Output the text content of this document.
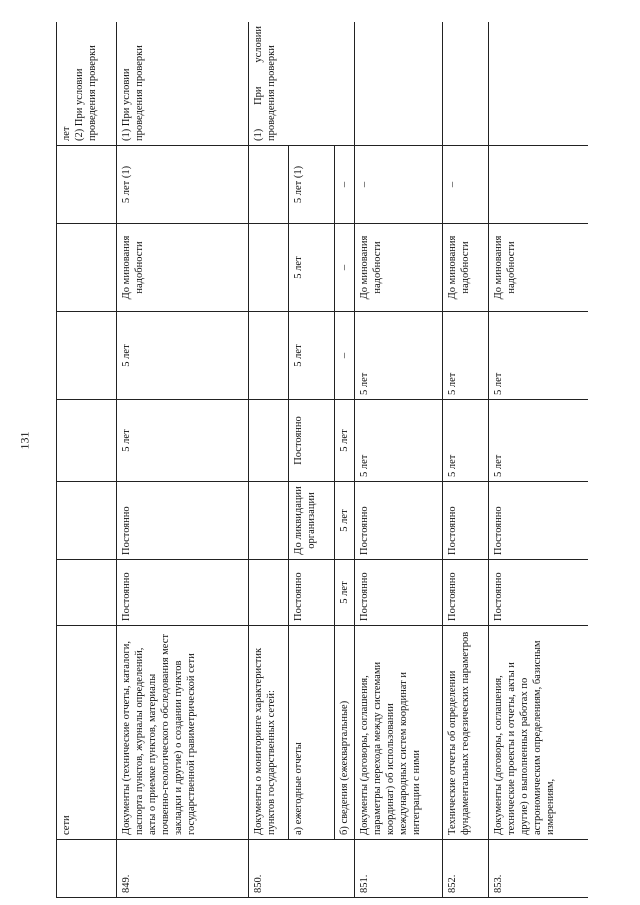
131
	сети							лет
(2) При условии проведения проверки
849.	Документы (технические отчеты, каталоги, паспорта пунктов, журналы определений, акты о приемке пунктов, материалы почвенно-геологического обследования мест закладки и другие) о создании пунктов государственной гравиметрической сети	Постоянно	Постоянно	5 лет	5 лет	До минования надобности	5 лет (1)	(1) При условии проведения проверки
850.	Документы о мониторинге характеристик пунктов государственных сетей:							(1) При условии проведения проверки
	а) ежегодные отчеты	Постоянно	До ликвидации организации	Постоянно	5 лет	5 лет	5 лет (1)	
	б) сведения (ежеквартальные)	5 лет	5 лет	5 лет	–	–	–	
851.	Документы (договоры, соглашения, параметры перехода между системами координат) об использовании международных систем координат и интеграции с ними	Постоянно	Постоянно	5 лет	5 лет	До минования надобности	–	
852.	Технические отчеты об определении фундаментальных геодезических параметров	Постоянно	Постоянно	5 лет	5 лет	До минования надобности	–	
853.	Документы (договоры, соглашения, технические проекты и отчеты, акты и другие) о выполненных работах по астрономическим определениям, базисным измерениям,	Постоянно	Постоянно	5 лет	5 лет	До минования надобности		
